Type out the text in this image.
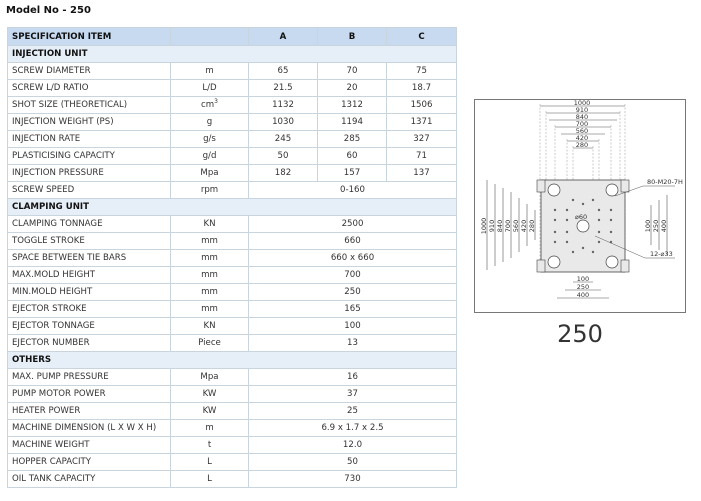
Model No - 250
SPECIFICATION ITEM		A	B	C
INJECTION UNIT				
SCREW DIAMETER	m	65	70	75
SCREW L/D RATIO	L/D	21.5	20	18.7
SHOT SIZE (THEORETICAL)	$cm^3$	1132	1312	1506
INJECTION WEIGHT (PS)	g	1030	1194	1371
INJECTION RATE	g/s	245	285	327
PLASTICISING CAPACITY	g/d	50	60	71
INJECTION PRESSURE	Mpa	182	157	137
SCREW SPEED	rpm	0-160		
CLAMPING UNIT				
CLAMPING TONNAGE	KN	2500		
TOGGLE STROKE	mm	660		
SPACE BETWEEN TIE BARS	mm	660 x 660		
MAX.MOLD HEIGHT	mm	700		
MIN.MOLD HEIGHT	mm	250		
EJECTOR STROKE	mm	165		
EJECTOR TONNAGE	KN	100		
EJECTOR NUMBER	Piece	13		
OTHERS				
MAX. PUMP PRESSURE	Mpa	16		
PUMP MOTOR POWER	KW	37		
HEATER POWER	KW	25		
MACHINE DIMENSION (L X W X H)	m	6.9 x 1.7 x 2.5		
MACHINE WEIGHT	t	12.0		
HOPPER CAPACITY	L	50		
OIL TANK CAPACITY	L	730		
1000
910
840
700
560
420
280
1000 910 840 700 560 420 280	100 250 400
100
250
400
⌀60
80-M20-7H
12-⌀33
250
